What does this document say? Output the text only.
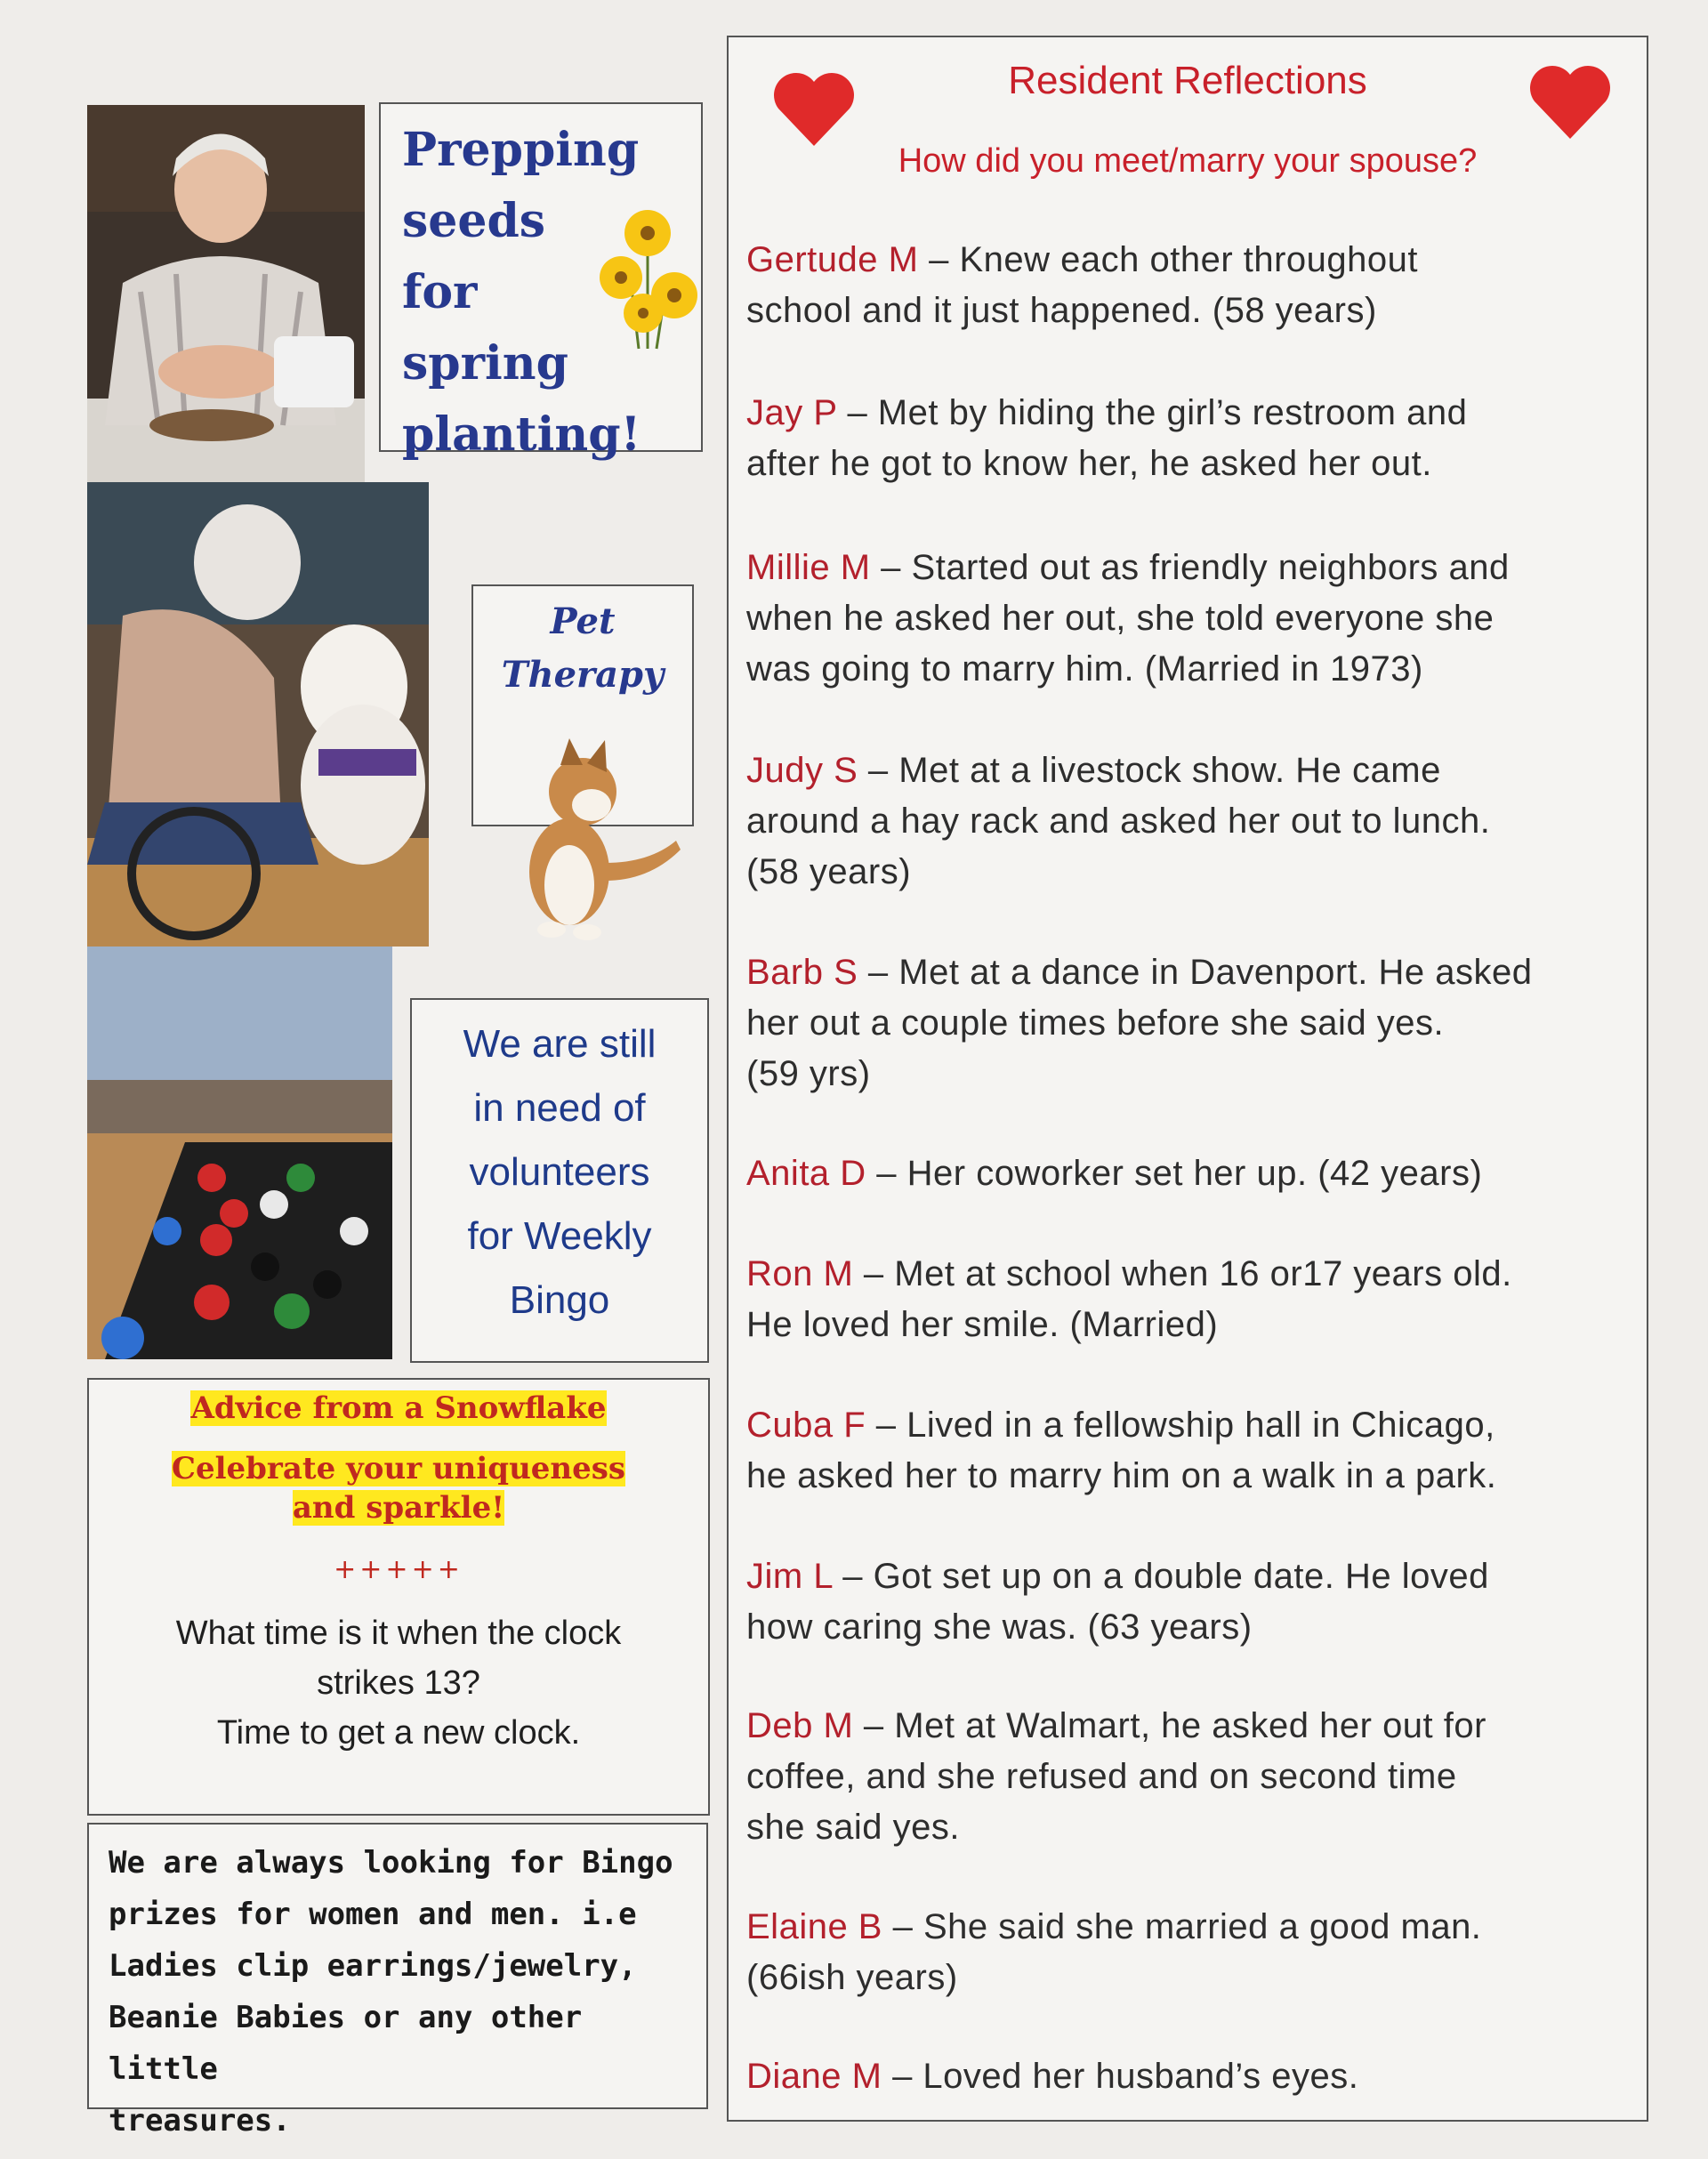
Prepping
seeds for
spring
planting!
Pet
Therapy
We are still
in need of
volunteers
for Weekly
Bingo
Advice from a Snowflake
Celebrate your uniqueness
and sparkle!
+++++
What time is it when the clock
strikes 13?
Time to get a new clock.
We are always looking for Bingo
prizes for women and men. i.e
Ladies clip earrings/jewelry,
Beanie Babies or any other little
treasures.
Resident Reflections
How did you meet/marry your spouse?
Gertude M – Knew each other throughout
school and it just happened. (58 years)
Jay P – Met by hiding the girl’s restroom and
after he got to know her, he asked her out.
Millie M – Started out as friendly neighbors and
when he asked her out, she told everyone she
was going to marry him. (Married in 1973)
Judy S – Met at a livestock show. He came
around a hay rack and asked her out to lunch.
(58 years)
Barb S – Met at a dance in Davenport. He asked
her out a couple times before she said yes.
(59 yrs)
Anita D – Her coworker set her up. (42 years)
Ron M – Met at school when 16 or17 years old.
He loved her smile. (Married)
Cuba F – Lived in a fellowship hall in Chicago,
he asked her to marry him on a walk in a park.
Jim L – Got set up on a double date. He loved
how caring she was. (63 years)
Deb M – Met at Walmart, he asked her out for
coffee, and she refused and on second time
she said yes.
Elaine B – She said she married a good man.
(66ish years)
Diane M – Loved her husband’s eyes.
